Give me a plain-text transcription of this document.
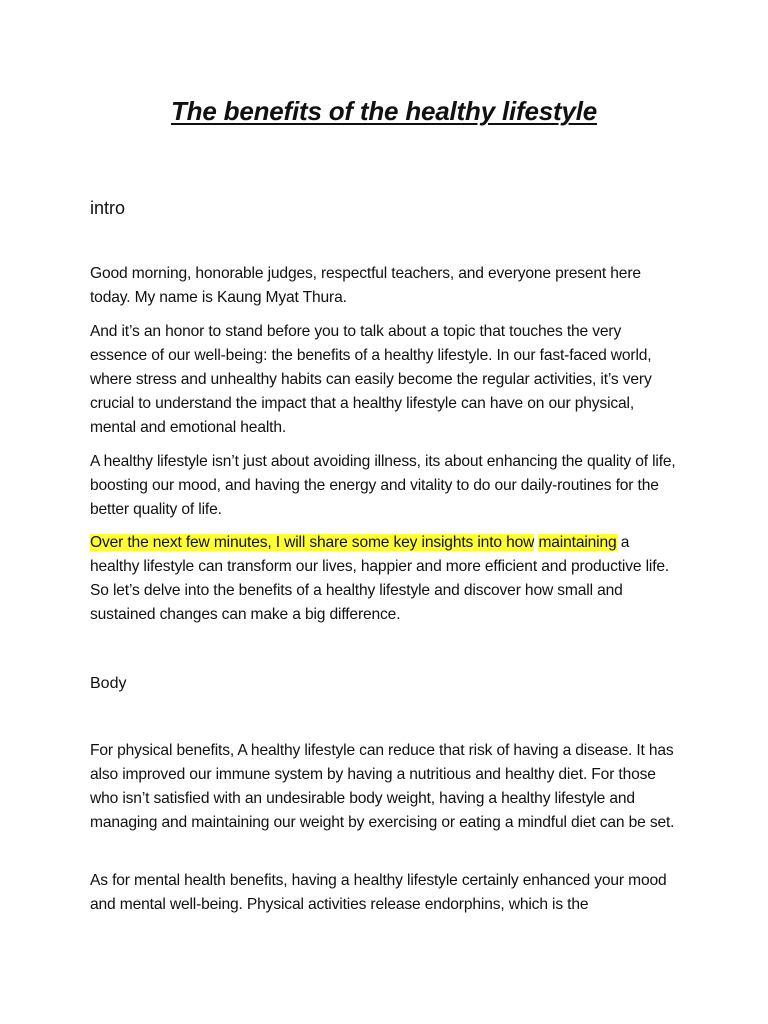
The benefits of the healthy lifestyle

intro

Good morning, honorable judges, respectful teachers, and everyone present here today. My name is Kaung Myat Thura.

And it’s an honor to stand before you to talk about a topic that touches the very essence of our well-being: the benefits of a healthy lifestyle. In our fast-faced world, where stress and unhealthy habits can easily become the regular activities, it’s very crucial to understand the impact that a healthy lifestyle can have on our physical, mental and emotional health.

A healthy lifestyle isn’t just about avoiding illness, its about enhancing the quality of life, boosting our mood, and having the energy and vitality to do our daily-routines for the better quality of life.

Over the next few minutes, I will share some key insights into how maintaining a healthy lifestyle can transform our lives, happier and more efficient and productive life. So let’s delve into the benefits of a healthy lifestyle and discover how small and sustained changes can make a big difference.

Body

For physical benefits, A healthy lifestyle can reduce that risk of having a disease. It has also improved our immune system by having a nutritious and healthy diet. For those who isn’t satisfied with an undesirable body weight, having a healthy lifestyle and managing and maintaining our weight by exercising or eating a mindful diet can be set.

As for mental health benefits, having a healthy lifestyle certainly enhanced your mood and mental well-being. Physical activities release endorphins, which is the
